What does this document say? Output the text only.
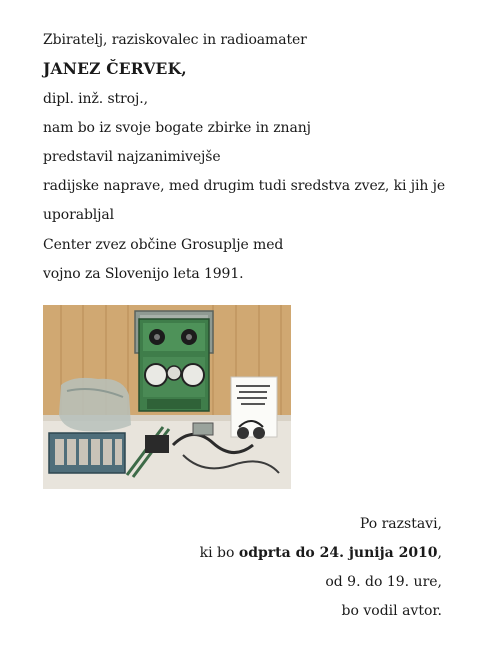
Zbiratelj, raziskovalec in radioamater
JANEZ ČERVEK,
dipl. inž. stroj.,
nam bo iz svoje bogate zbirke in znanj
predstavil najzanimivejše
radijske naprave, med drugim tudi sredstva zvez, ki jih je
uporabljal
Center zvez občine Grosuplje med
vojno za Slovenijo leta 1991.
Po razstavi,
ki bo odprta do 24. junija 2010,
od 9. do 19. ure,
bo vodil avtor.
